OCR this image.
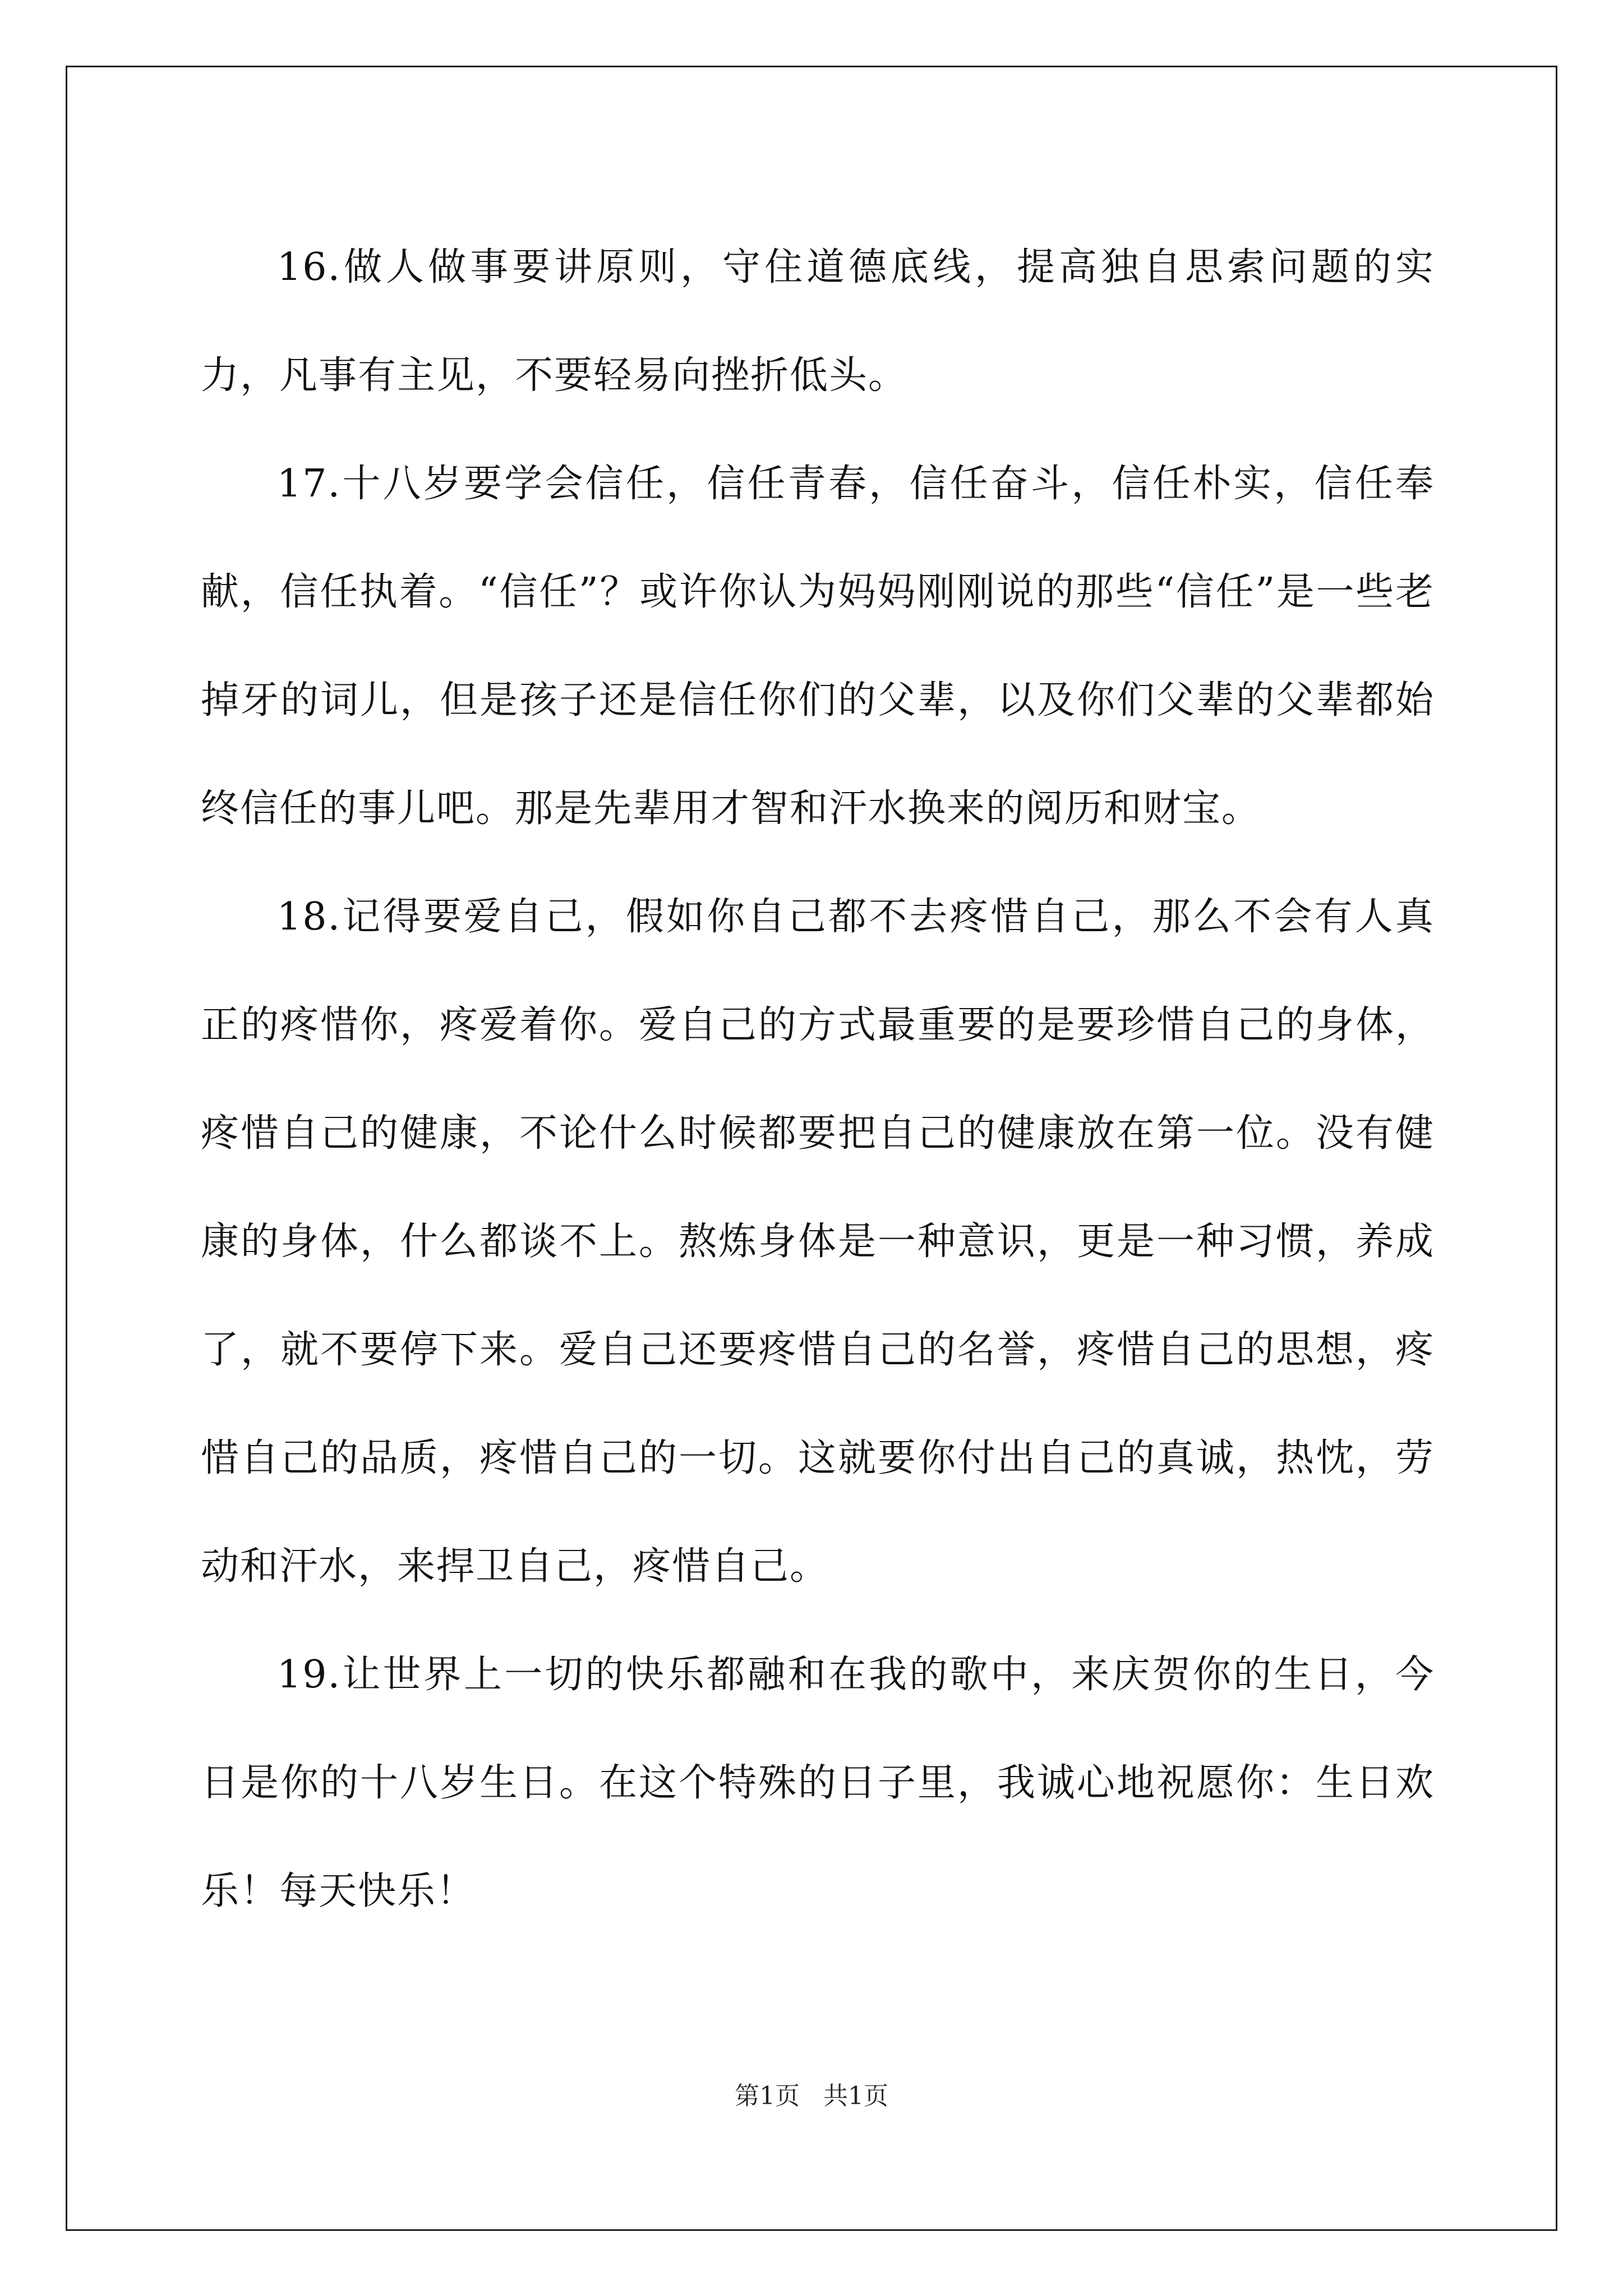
16.做人做事要讲原则，守住道德底线，提高独自思索问题的实力，凡事有主见，不要轻易向挫折低头。

17.十八岁要学会信任，信任青春，信任奋斗，信任朴实，信任奉献，信任执着。“信任”？或许你认为妈妈刚刚说的那些“信任”是一些老掉牙的词儿，但是孩子还是信任你们的父辈，以及你们父辈的父辈都始终信任的事儿吧。那是先辈用才智和汗水换来的阅历和财宝。

18.记得要爱自己，假如你自己都不去疼惜自己，那么不会有人真正的疼惜你，疼爱着你。爱自己的方式最重要的是要珍惜自己的身体，疼惜自己的健康，不论什么时候都要把自己的健康放在第一位。没有健康的身体，什么都谈不上。熬炼身体是一种意识，更是一种习惯，养成了，就不要停下来。爱自己还要疼惜自己的名誉，疼惜自己的思想，疼惜自己的品质，疼惜自己的一切。这就要你付出自己的真诚，热忱，劳动和汗水，来捍卫自己，疼惜自己。

19.让世界上一切的快乐都融和在我的歌中，来庆贺你的生日，今日是你的十八岁生日。在这个特殊的日子里，我诚心地祝愿你：生日欢乐！每天快乐！

第1页 共1页
